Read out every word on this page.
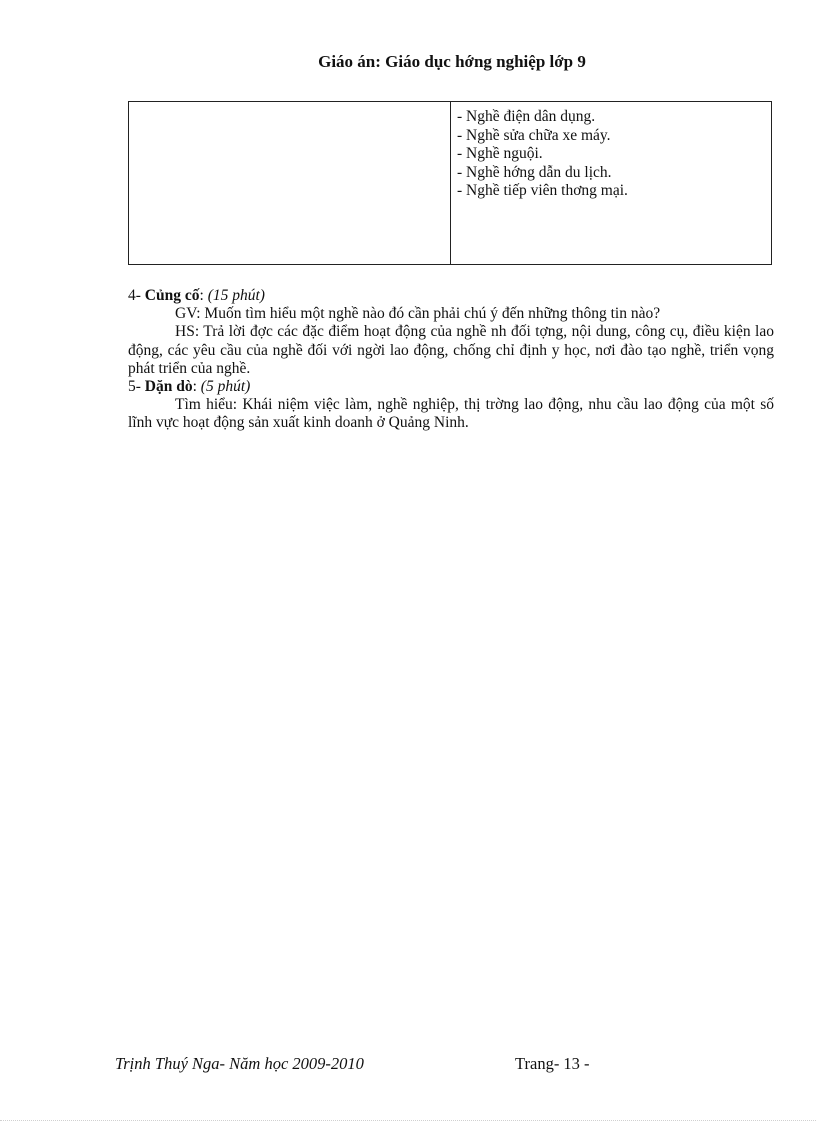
Giáo án: Giáo dục hớng nghiệp lớp 9
- Nghề điện dân dụng.
- Nghề sửa chữa xe máy.
- Nghề nguội.
- Nghề hớng dẫn du lịch.
- Nghề tiếp viên thơng mại.

4- Củng cố: (15 phút)

GV: Muốn tìm hiểu một nghề nào đó cần phải chú ý đến những thông tin nào?

HS: Trả lời đợc các đặc điểm hoạt động của nghề nh đối tợng, nội dung, công cụ, điều kiện lao động, các yêu cầu của nghề đối với ngời lao động, chống chỉ định y học, nơi đào tạo nghề, triển vọng phát triển của nghề.

5- Dặn dò: (5 phút)

Tìm hiểu: Khái niệm việc làm, nghề nghiệp, thị trờng lao động, nhu cầu lao động của một số lĩnh vực hoạt động sản xuất kinh doanh ở Quảng Ninh.

Trịnh Thuý Nga- Năm học 2009-2010	Trang- 13 -
